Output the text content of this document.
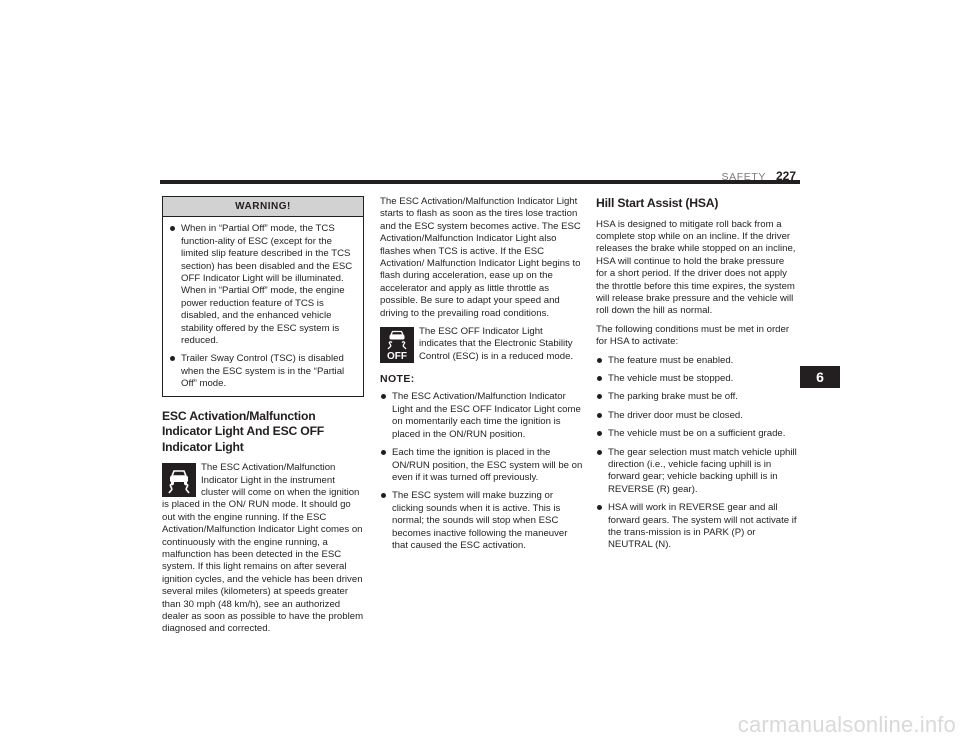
SAFETY 227
6
WARNING!
When in “Partial Off” mode, the TCS function-ality of ESC (except for the limited slip feature described in the TCS section) has been disabled and the ESC OFF Indicator Light will be illuminated. When in “Partial Off” mode, the engine power reduction feature of TCS is disabled, and the enhanced vehicle stability offered by the ESC system is reduced.
Trailer Sway Control (TSC) is disabled when the ESC system is in the “Partial Off” mode.
ESC Activation/Malfunction Indicator Light And ESC OFF Indicator Light
The ESC Activation/Malfunction Indicator Light in the instrument cluster will come on when the ignition is placed in the ON/ RUN mode. It should go out with the engine running. If the ESC Activation/Malfunction Indicator Light comes on continuously with the engine running, a malfunction has been detected in the ESC system. If this light remains on after several ignition cycles, and the vehicle has been driven several miles (kilometers) at speeds greater than 30 mph (48 km/h), see an authorized dealer as soon as possible to have the problem diagnosed and corrected.

The ESC Activation/Malfunction Indicator Light starts to flash as soon as the tires lose traction and the ESC system becomes active. The ESC Activation/Malfunction Indicator Light also flashes when TCS is active. If the ESC Activation/ Malfunction Indicator Light begins to flash during acceleration, ease up on the accelerator and apply as little throttle as possible. Be sure to adapt your speed and driving to the prevailing road conditions.

OFF
The ESC OFF Indicator Light indicates that the Electronic Stability Control (ESC) is in a reduced mode.
NOTE:
The ESC Activation/Malfunction Indicator Light and the ESC OFF Indicator Light come on momentarily each time the ignition is placed in the ON/RUN position.
Each time the ignition is placed in the ON/RUN position, the ESC system will be on even if it was turned off previously.
The ESC system will make buzzing or clicking sounds when it is active. This is normal; the sounds will stop when ESC becomes inactive following the maneuver that caused the ESC activation.
Hill Start Assist (HSA)

HSA is designed to mitigate roll back from a complete stop while on an incline. If the driver releases the brake while stopped on an incline, HSA will continue to hold the brake pressure for a short period. If the driver does not apply the throttle before this time expires, the system will release brake pressure and the vehicle will roll down the hill as normal.

The following conditions must be met in order for HSA to activate:

The feature must be enabled.
The vehicle must be stopped.
The parking brake must be off.
The driver door must be closed.
The vehicle must be on a sufficient grade.
The gear selection must match vehicle uphill direction (i.e., vehicle facing uphill is in forward gear; vehicle backing uphill is in REVERSE (R) gear).
HSA will work in REVERSE gear and all forward gears. The system will not activate if the trans-mission is in PARK (P) or NEUTRAL (N).
carmanualsonline.info
